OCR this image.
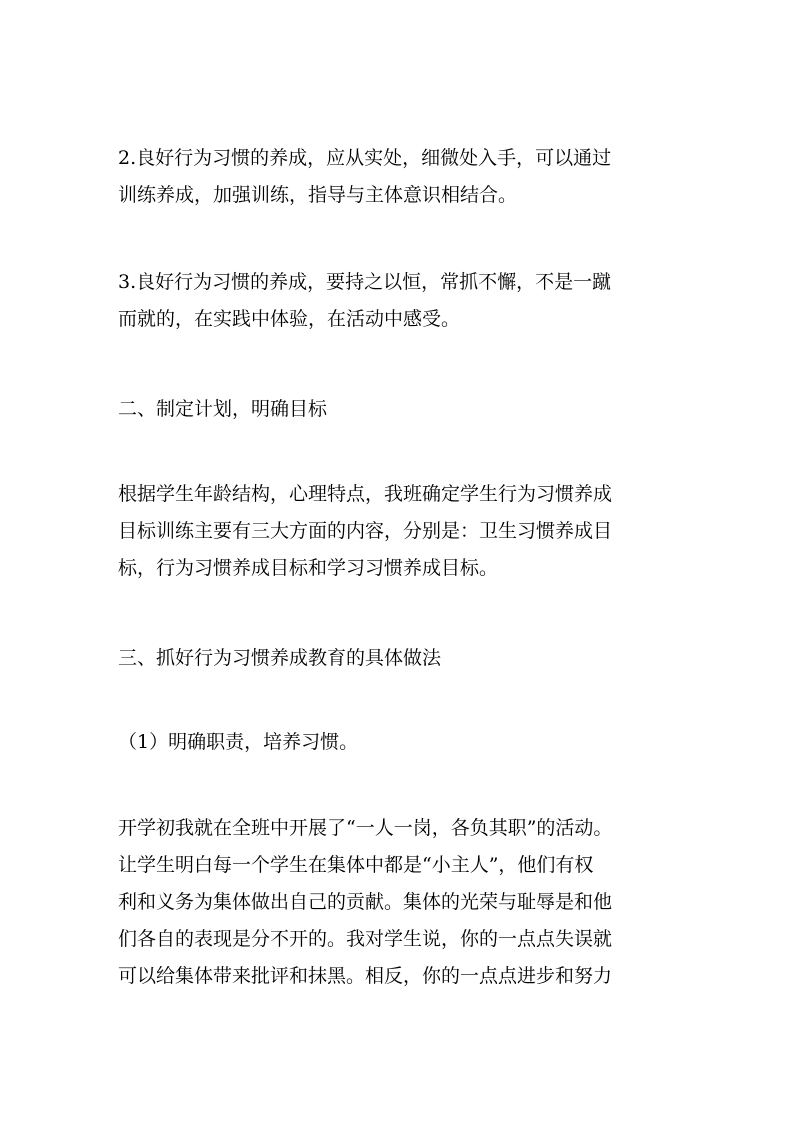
2.良好行为习惯的养成，应从实处，细微处入手，可以通过
训练养成，加强训练，指导与主体意识相结合。
3.良好行为习惯的养成，要持之以恒，常抓不懈，不是一蹴
而就的，在实践中体验，在活动中感受。
二、制定计划，明确目标
根据学生年龄结构，心理特点，我班确定学生行为习惯养成
目标训练主要有三大方面的内容，分别是：卫生习惯养成目
标，行为习惯养成目标和学习习惯养成目标。
三、抓好行为习惯养成教育的具体做法
（1）明确职责，培养习惯。
开学初我就在全班中开展了“一人一岗，各负其职”的活动。
让学生明白每一个学生在集体中都是“小主人”，他们有权
利和义务为集体做出自己的贡献。集体的光荣与耻辱是和他
们各自的表现是分不开的。我对学生说，你的一点点失误就
可以给集体带来批评和抹黑。相反，你的一点点进步和努力
